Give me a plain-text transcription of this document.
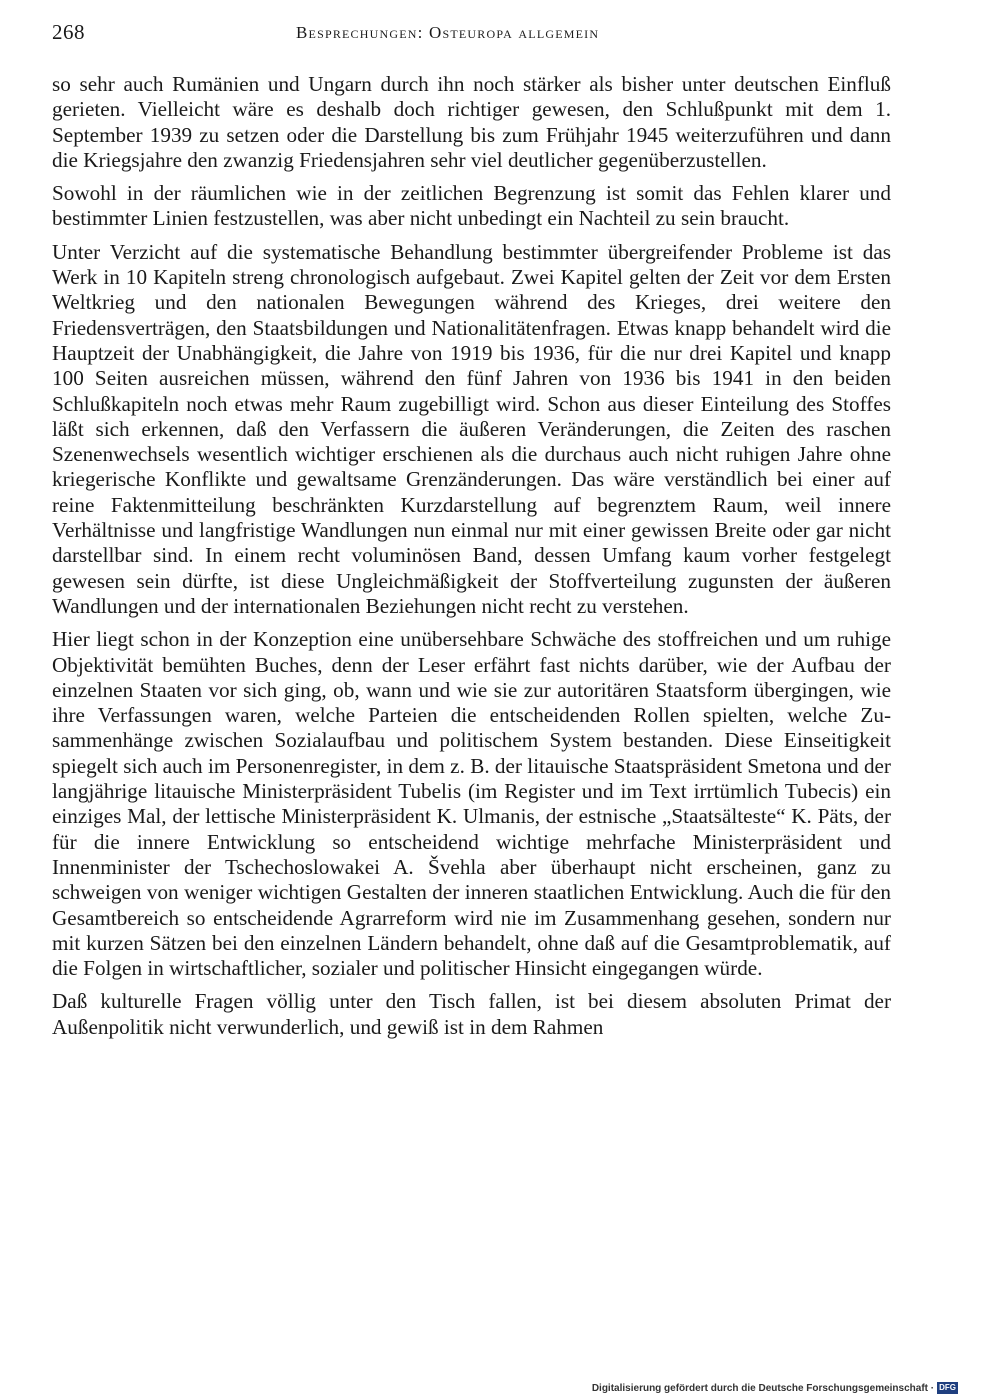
268	Besprechungen: Osteuropa allgemein

so sehr auch Rumänien und Ungarn durch ihn noch stärker als bisher unter deutschen Einfluß gerieten. Vielleicht wäre es deshalb doch richtiger gewesen, den Schlußpunkt mit dem 1. September 1939 zu setzen oder die Darstellung bis zum Frühjahr 1945 weiterzuführen und dann die Kriegsjahre den zwanzig Friedensjahren sehr viel deutlicher gegenüberzustellen.

Sowohl in der räumlichen wie in der zeitlichen Begrenzung ist somit das Fehlen klarer und bestimmter Linien festzustellen, was aber nicht unbedingt ein Nachteil zu sein braucht.

Unter Verzicht auf die systematische Behandlung bestimmter übergreifender Probleme ist das Werk in 10 Kapiteln streng chronologisch aufgebaut. Zwei Kapitel gelten der Zeit vor dem Ersten Weltkrieg und den nationalen Bewegungen während des Krieges, drei weitere den Friedensverträgen, den Staatsbildungen und Nationalitätenfragen. Etwas knapp behandelt wird die Hauptzeit der Unabhängigkeit, die Jahre von 1919 bis 1936, für die nur drei Kapitel und knapp 100 Seiten ausreichen müssen, während den fünf Jahren von 1936 bis 1941 in den beiden Schlußkapiteln noch etwas mehr Raum zugebilligt wird. Schon aus dieser Einteilung des Stoffes läßt sich erkennen, daß den Verfassern die äußeren Veränderungen, die Zeiten des raschen Szenenwechsels wesentlich wichtiger erschienen als die durchaus auch nicht ruhigen Jahre ohne kriegerische Konflikte und gewaltsame Grenzänderungen. Das wäre verständlich bei einer auf reine Faktenmitteilung beschränkten Kurzdarstellung auf begrenztem Raum, weil innere Verhältnisse und langfristige Wandlungen nun einmal nur mit einer gewissen Breite oder gar nicht darstellbar sind. In einem recht voluminösen Band, dessen Umfang kaum vorher festgelegt gewesen sein dürfte, ist diese Ungleichmäßigkeit der Stoffverteilung zugunsten der äußeren Wandlungen und der internationalen Beziehungen nicht recht zu verstehen.

Hier liegt schon in der Konzeption eine unübersehbare Schwäche des stoffreichen und um ruhige Objektivität bemühten Buches, denn der Leser erfährt fast nichts darüber, wie der Aufbau der einzelnen Staaten vor sich ging, ob, wann und wie sie zur autoritären Staatsform übergingen, wie ihre Verfassungen waren, welche Parteien die entscheidenden Rollen spielten, welche Zusammenhänge zwischen Sozialaufbau und politischem System bestanden. Diese Einseitigkeit spiegelt sich auch im Personenregister, in dem z. B. der litauische Staatspräsident Smetona und der langjährige litauische Ministerpräsident Tubelis (im Register und im Text irrtümlich Tubecis) ein einziges Mal, der lettische Ministerpräsident K. Ulmanis, der estnische „Staatsälteste“ K. Päts, der für die innere Entwicklung so entscheidend wichtige mehrfache Ministerpräsident und Innenminister der Tschechoslowakei A. Švehla aber überhaupt nicht erscheinen, ganz zu schweigen von weniger wichtigen Gestalten der inneren staatlichen Entwicklung. Auch die für den Gesamtbereich so entscheidende Agrarreform wird nie im Zusammenhang gesehen, sondern nur mit kurzen Sätzen bei den einzelnen Ländern behandelt, ohne daß auf die Gesamtproblematik, auf die Folgen in wirtschaftlicher, sozialer und politischer Hinsicht eingegangen würde.

Daß kulturelle Fragen völlig unter den Tisch fallen, ist bei diesem absoluten Primat der Außenpolitik nicht verwunderlich, und gewiß ist in dem Rahmen

Digitalisierung gefördert durch die Deutsche Forschungsgemeinschaft · DFG
